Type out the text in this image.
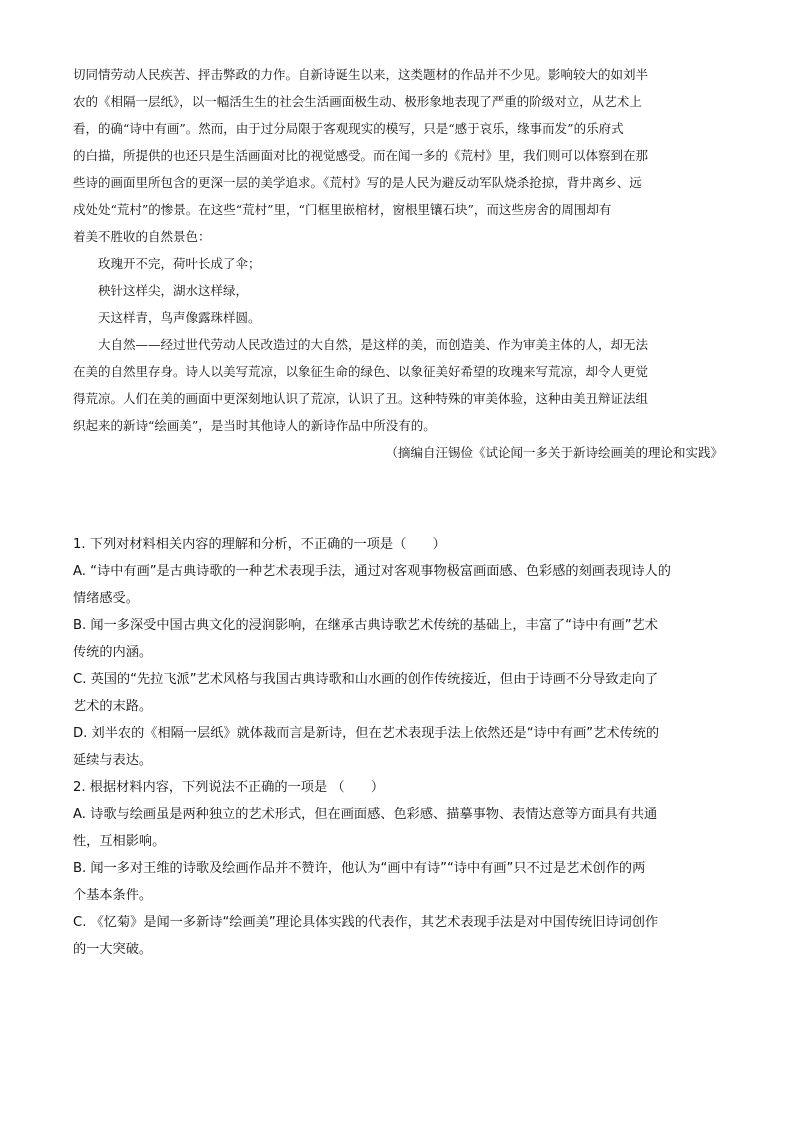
切同情劳动人民疾苦、抨击弊政的力作。自新诗诞生以来，这类题材的作品并不少见。影响较大的如刘半
农的《相隔一层纸》，以一幅活生生的社会生活画面极生动、极形象地表现了严重的阶级对立，从艺术上
看，的确“诗中有画”。然而，由于过分局限于客观现实的模写，只是“感于哀乐，缘事而发”的乐府式
的白描，所提供的也还只是生活画面对比的视觉感受。而在闻一多的《荒村》里，我们则可以体察到在那
些诗的画面里所包含的更深一层的美学追求。《荒村》写的是人民为避反动军队烧杀抢掠，背井离乡、远
戍处处“荒村”的惨景。在这些“荒村”里，“门框里嵌棺材，窗根里镶石块”，而这些房舍的周围却有
着美不胜收的自然景色：
玫瑰开不完，荷叶长成了伞；
秧针这样尖，湖水这样绿，
天这样青，鸟声像露珠样圆。
大自然——经过世代劳动人民改造过的大自然，是这样的美，而创造美、作为审美主体的人，却无法
在美的自然里存身。诗人以美写荒凉，以象征生命的绿色、以象征美好希望的玫瑰来写荒凉，却令人更觉
得荒凉。人们在美的画面中更深刻地认识了荒凉，认识了丑。这种特殊的审美体验，这种由美丑辩证法组
织起来的新诗“绘画美”，是当时其他诗人的新诗作品中所没有的。
（摘编自汪锡俭《试论闻一多关于新诗绘画美的理论和实践》
1. 下列对材料相关内容的理解和分析，不正确的一项是（　　）
A. “诗中有画”是古典诗歌的一种艺术表现手法，通过对客观事物极富画面感、色彩感的刻画表现诗人的
情绪感受。
B. 闻一多深受中国古典文化的浸润影响，在继承古典诗歌艺术传统的基础上，丰富了“诗中有画”艺术
传统的内涵。
C. 英国的“先拉飞派”艺术风格与我国古典诗歌和山水画的创作传统接近，但由于诗画不分导致走向了
艺术的末路。
D. 刘半农的《相隔一层纸》就体裁而言是新诗，但在艺术表现手法上依然还是“诗中有画”艺术传统的
延续与表达。
2. 根据材料内容，下列说法不正确的一项是 （　　）
A. 诗歌与绘画虽是两种独立的艺术形式，但在画面感、色彩感、描摹事物、表情达意等方面具有共通
性，互相影响。
B. 闻一多对王维的诗歌及绘画作品并不赞许，他认为“画中有诗”“诗中有画”只不过是艺术创作的两
个基本条件。
C. 《忆菊》是闻一多新诗“绘画美”理论具体实践的代表作，其艺术表现手法是对中国传统旧诗词创作
的一大突破。
